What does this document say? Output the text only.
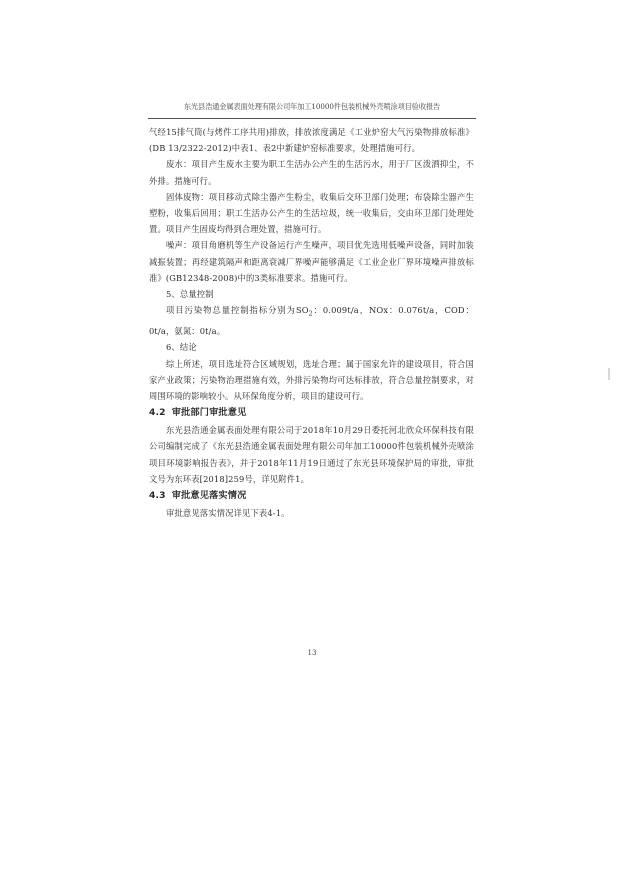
东光县浩通金属表面处理有限公司年加工10000件包装机械外壳喷涂项目验收报告

气经15排气筒(与烤件工序共用)排放，排放浓度满足《工业炉窑大气污染物排放标准》(DB 13/2322-2012)中表1、表2中新建炉窑标准要求，处理措施可行。

废水：项目产生废水主要为职工生活办公产生的生活污水，用于厂区泼洒抑尘，不外排。措施可行。

固体废物：项目移动式除尘器产生粉尘，收集后交环卫部门处理；布袋除尘器产生塑粉，收集后回用；职工生活办公产生的生活垃圾，统一收集后，交由环卫部门处理处置。项目产生固废均得到合理处置，措施可行。

噪声：项目角磨机等生产设备运行产生噪声，项目优先选用低噪声设备，同时加装减振装置；再经建筑隔声和距离衰减厂界噪声能够满足《工业企业厂界环境噪声排放标准》(GB12348-2008)中的3类标准要求。措施可行。

5、总量控制

项目污染物总量控制指标分别为$SO_2$：0.009t/a，NOx：0.076t/a，COD：0t/a，氨氮：0t/a。

6、结论

综上所述，项目选址符合区域规划，选址合理；属于国家允许的建设项目，符合国家产业政策；污染物治理措施有效，外排污染物均可达标排放，符合总量控制要求，对周围环境的影响较小。从环保角度分析，项目的建设可行。

4.2 审批部门审批意见

东光县浩通金属表面处理有限公司于2018年10月29日委托河北欣众环保科技有限公司编制完成了《东光县浩通金属表面处理有限公司年加工10000件包装机械外壳喷涂项目环境影响报告表》，并于2018年11月19日通过了东光县环境保护局的审批，审批文号为东环表[2018]259号，详见附件1。

4.3 审批意见落实情况

审批意见落实情况详见下表4-1。

13
